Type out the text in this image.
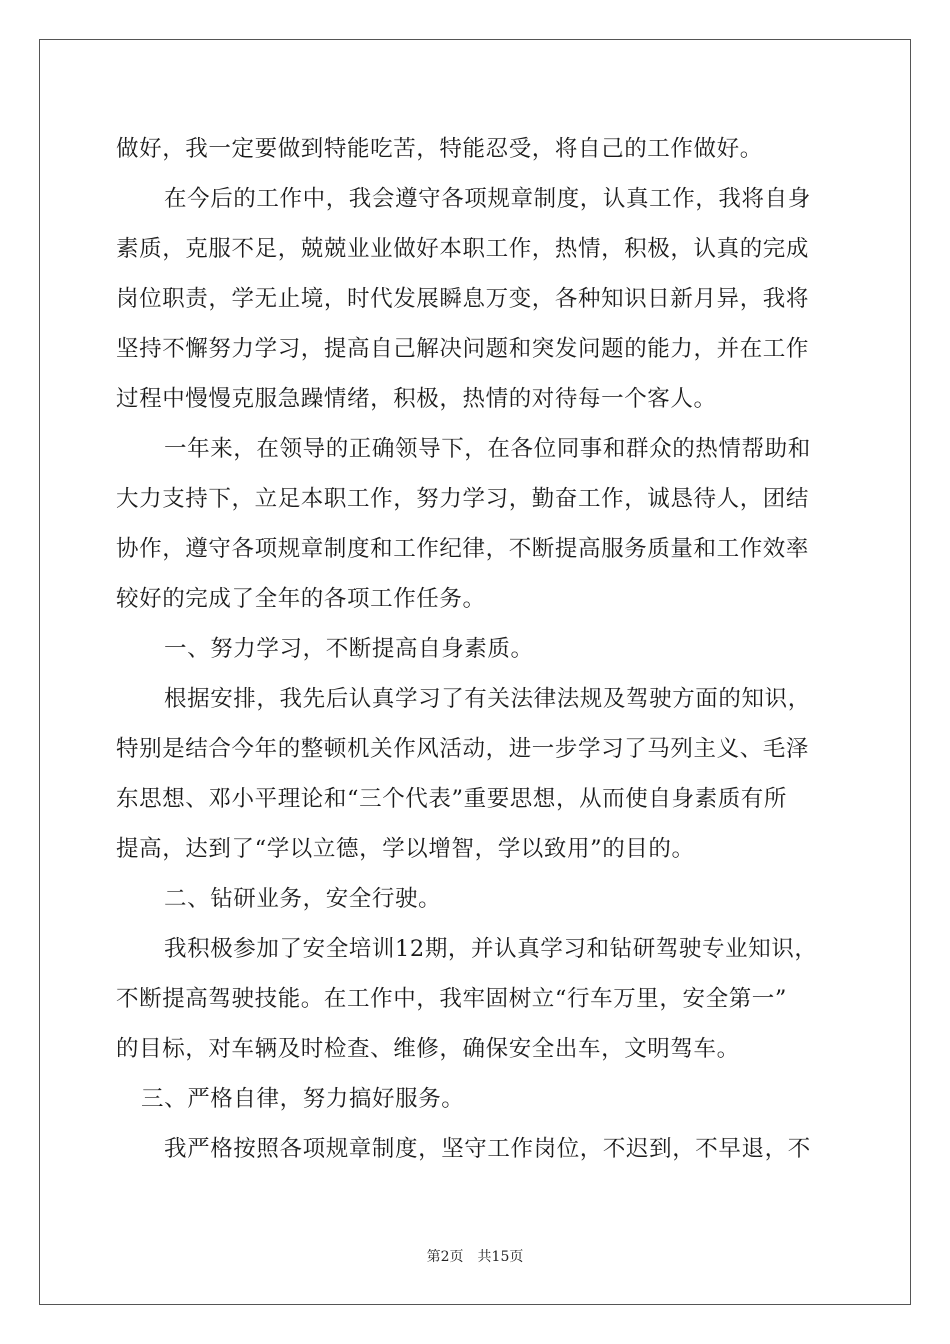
做好，我一定要做到特能吃苦，特能忍受，将自己的工作做好。

在今后的工作中，我会遵守各项规章制度，认真工作，我将自身

素质，克服不足，兢兢业业做好本职工作，热情，积极，认真的完成

岗位职责，学无止境，时代发展瞬息万变，各种知识日新月异，我将

坚持不懈努力学习，提高自己解决问题和突发问题的能力，并在工作

过程中慢慢克服急躁情绪，积极，热情的对待每一个客人。

一年来，在领导的正确领导下，在各位同事和群众的热情帮助和

大力支持下，立足本职工作，努力学习，勤奋工作，诚恳待人，团结

协作，遵守各项规章制度和工作纪律，不断提高服务质量和工作效率

较好的完成了全年的各项工作任务。

一、努力学习，不断提高自身素质。

根据安排，我先后认真学习了有关法律法规及驾驶方面的知识，

特别是结合今年的整顿机关作风活动，进一步学习了马列主义、毛泽

东思想、邓小平理论和“三个代表”重要思想，从而使自身素质有所

提高，达到了“学以立德，学以增智，学以致用”的目的。

二、钻研业务，安全行驶。

我积极参加了安全培训12期，并认真学习和钻研驾驶专业知识，

不断提高驾驶技能。在工作中，我牢固树立“行车万里，安全第一”

的目标，对车辆及时检查、维修，确保安全出车，文明驾车。

三、严格自律，努力搞好服务。

我严格按照各项规章制度，坚守工作岗位，不迟到，不早退，不

第2页 共15页
